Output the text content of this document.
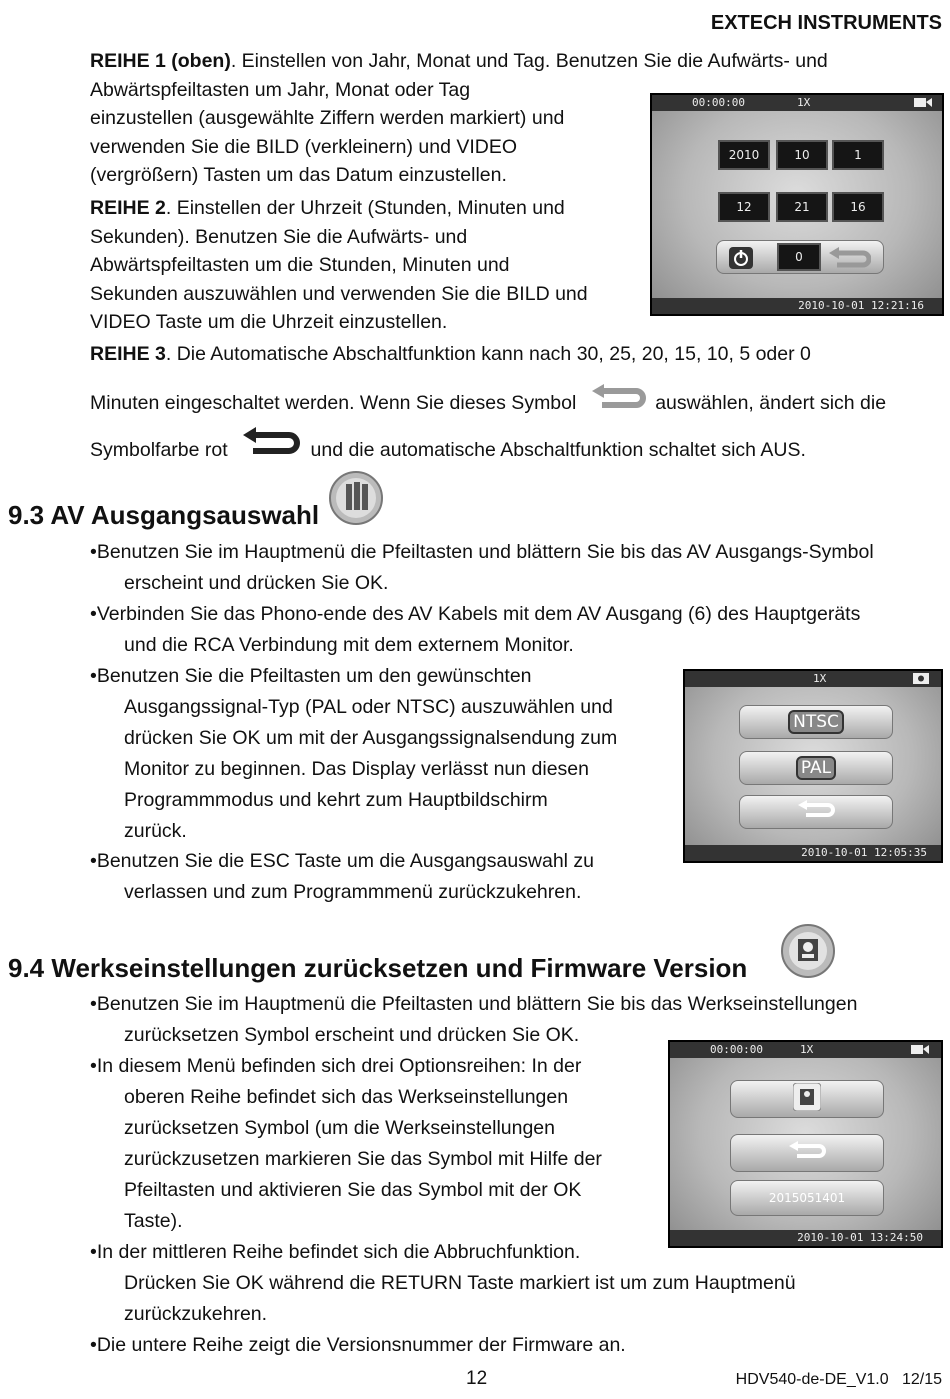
EXTECH INSTRUMENTS

REIHE 1 (oben). Einstellen von Jahr, Monat und Tag. Benutzen Sie die Aufwärts- und

Abwärtspfeiltasten um Jahr, Monat oder Tag

einzustellen (ausgewählte Ziffern werden markiert) und

verwenden Sie die BILD (verkleinern) und VIDEO

(vergrößern) Tasten um das Datum einzustellen.

REIHE 2. Einstellen der Uhrzeit (Stunden, Minuten und

Sekunden). Benutzen Sie die Aufwärts- und

Abwärtspfeiltasten um die Stunden, Minuten und

Sekunden auszuwählen und verwenden Sie die BILD und

VIDEO Taste um die Uhrzeit einzustellen.

00:00:00	1X
2010	10	1
12	21	16
0
2010-10-01 12:21:16
REIHE 3. Die Automatische Abschaltfunktion kann nach 30, 25, 20, 15, 10, 5 oder 0
Minuten eingeschaltet werden. Wenn Sie dieses Symbol	auswählen, ändert sich die
Symbolfarbe rot	und die automatische Abschaltfunktion schaltet sich AUS.
9.3 AV Ausgangsauswahl

•Benutzen Sie im Hauptmenü die Pfeiltasten und blättern Sie bis das AV Ausgangs-Symbol

erscheint und drücken Sie OK.

•Verbinden Sie das Phono-ende des AV Kabels mit dem AV Ausgang (6) des Hauptgeräts

und die RCA Verbindung mit dem externem Monitor.

•Benutzen Sie die Pfeiltasten um den gewünschten

Ausgangssignal-Typ (PAL oder NTSC) auszuwählen und

drücken Sie OK um mit der Ausgangssignalsendung zum

Monitor zu beginnen. Das Display verlässt nun diesen

Programmmodus und kehrt zum Hauptbildschirm

zurück.

•Benutzen Sie die ESC Taste um die Ausgangsauswahl zu

verlassen und zum Programmmenü zurückzukehren.

1X
NTSC
PAL
2010-10-01 12:05:35
9.4 Werkseinstellungen zurücksetzen und Firmware Version

•Benutzen Sie im Hauptmenü die Pfeiltasten und blättern Sie bis das Werkseinstellungen

zurücksetzen Symbol erscheint und drücken Sie OK.

•In diesem Menü befinden sich drei Optionsreihen: In der

oberen Reihe befindet sich das Werkseinstellungen

zurücksetzen Symbol (um die Werkseinstellungen

zurückzusetzen markieren Sie das Symbol mit Hilfe der

Pfeiltasten und aktivieren Sie das Symbol mit der OK

Taste).

•In der mittleren Reihe befindet sich die Abbruchfunktion.

Drücken Sie OK während die RETURN Taste markiert ist um zum Hauptmenü

zurückzukehren.

•Die untere Reihe zeigt die Versionsnummer der Firmware an.

00:00:00	1X
2015051401
2010-10-01 13:24:50
12	HDV540-de-DE_V1.0   12/15
